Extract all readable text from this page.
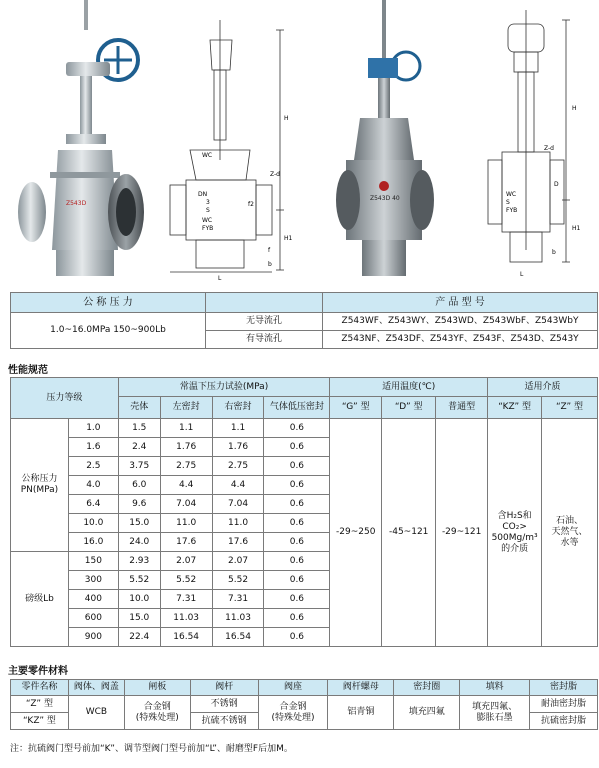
Z543D
WC
Z-d
DN
3
S
f2
WC
FYB
H
H1
L
b
f
Z543D 40
Z-d
H
H1
L
WC
S
FYB
b
D
公 称 压 力		产 品 型 号
1.0~16.0MPa 150~900Lb	无导流孔	Z543WF、Z543WY、Z543WD、Z543WbF、Z543WbY
	有导流孔	Z543NF、Z543DF、Z543YF、Z543F、Z543D、Z543Y
性能规范
压力等级		常温下压力试验(MPa)				适用温度(℃)			适用介质	
		壳体	左密封	右密封	气体低压密封	“G” 型	“D” 型	普通型	“KZ” 型	“Z” 型
公称压力
PN(MPa)	1.0	1.5	1.1	1.1	0.6	-29~250	-45~121	-29~121	含H₂S和
CO₂>
500Mg/m³
的介质	石油、
天然气、
水等
	1.6	2.4	1.76	1.76	0.6					
	2.5	3.75	2.75	2.75	0.6					
	4.0	6.0	4.4	4.4	0.6					
	6.4	9.6	7.04	7.04	0.6					
	10.0	15.0	11.0	11.0	0.6					
	16.0	24.0	17.6	17.6	0.6					
磅级Lb	150	2.93	2.07	2.07	0.6					
	300	5.52	5.52	5.52	0.6					
	400	10.0	7.31	7.31	0.6					
	600	15.0	11.03	11.03	0.6					
	900	22.4	16.54	16.54	0.6					
主要零件材料
零件名称	阀体、阀盖	闸板	阀杆	阀座	阀杆螺母	密封圈	填料	密封脂
“Z” 型	WCB	合金钢
(特殊处理)	不锈钢	合金钢
(特殊处理)	铝青铜	填充四氟	填充四氟、
膨胀石墨	耐油密封脂
“KZ” 型			抗硫不锈钢					抗硫密封脂
注：抗硫阀门型号前加“K”、调节型阀门型号前加“L”、耐磨型F后加M。
